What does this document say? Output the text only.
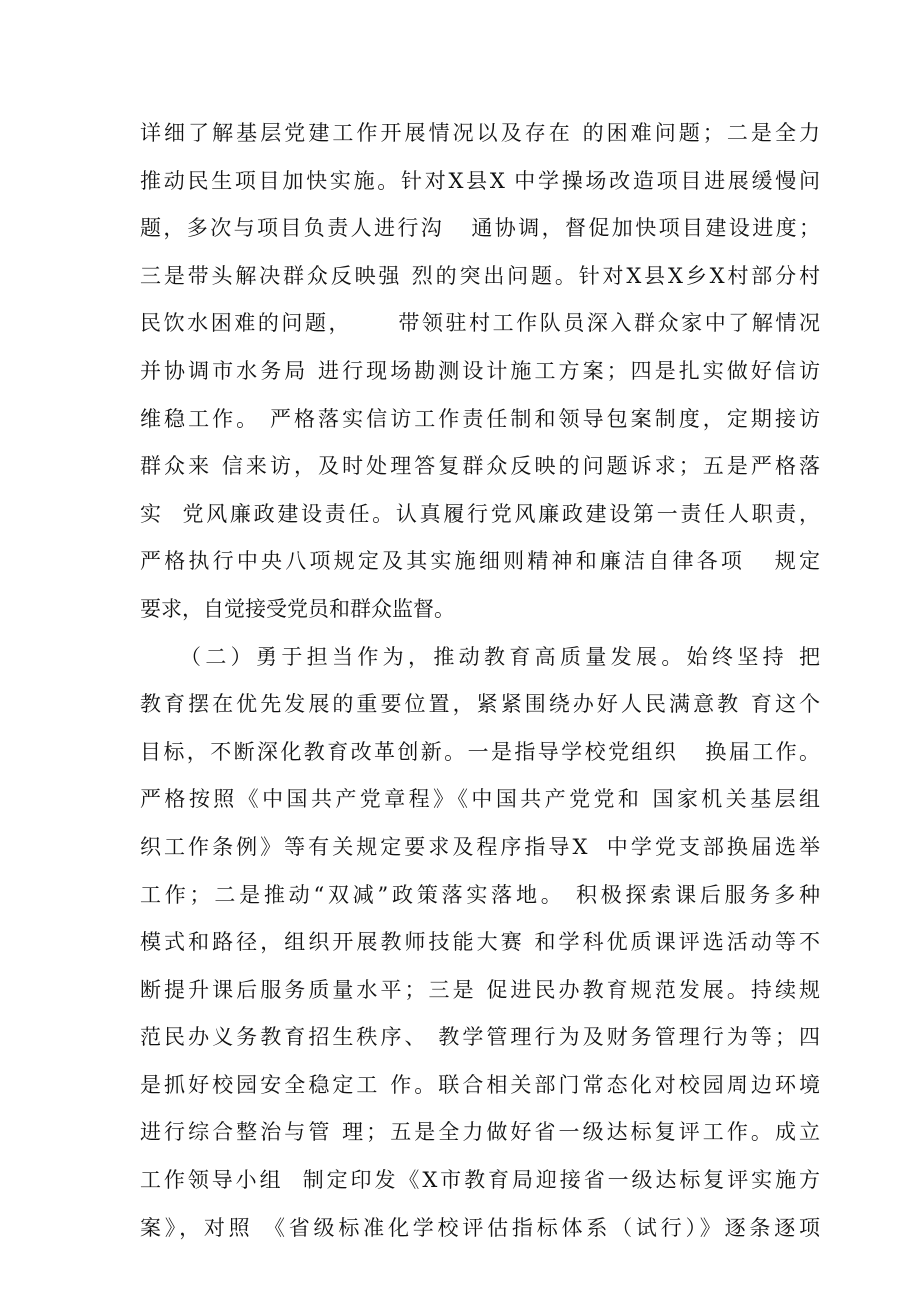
详细了解基层党建工作开展情况以及存在 的困难问题；二是全力
推动民生项目加快实施。针对X县X 中学操场改造项目进展缓慢问
题，多次与项目负责人进行沟   通协调，督促加快项目建设进度；
三是带头解决群众反映强 烈的突出问题。针对X县X乡X村部分村
民饮水困难的问题，     带领驻村工作队员深入群众家中了解情况
并协调市水务局 进行现场勘测设计施工方案；四是扎实做好信访
维稳工作。 严格落实信访工作责任制和领导包案制度，定期接访
群众来 信来访，及时处理答复群众反映的问题诉求；五是严格落
实  党风廉政建设责任。认真履行党风廉政建设第一责任人职责，
严格执行中央八项规定及其实施细则精神和廉洁自律各项   规定
要求，自觉接受党员和群众监督。
（二）勇于担当作为，推动教育高质量发展。始终坚持 把
教育摆在优先发展的重要位置，紧紧围绕办好人民满意教 育这个
目标，不断深化教育改革创新。一是指导学校党组织   换届工作。
严格按照《中国共产党章程》《中国共产党党和 国家机关基层组
织工作条例》等有关规定要求及程序指导X  中学党支部换届选举
工作；二是推动“双减”政策落实落地。 积极探索课后服务多种
模式和路径，组织开展教师技能大赛 和学科优质课评选活动等不
断提升课后服务质量水平；三是 促进民办教育规范发展。持续规
范民办义务教育招生秩序、 教学管理行为及财务管理行为等；四
是抓好校园安全稳定工 作。联合相关部门常态化对校园周边环境
进行综合整治与管 理；五是全力做好省一级达标复评工作。成立
工作领导小组  制定印发《X市教育局迎接省一级达标复评实施方
案》，对照 《省级标准化学校评估指标体系（试行）》逐条逐项
